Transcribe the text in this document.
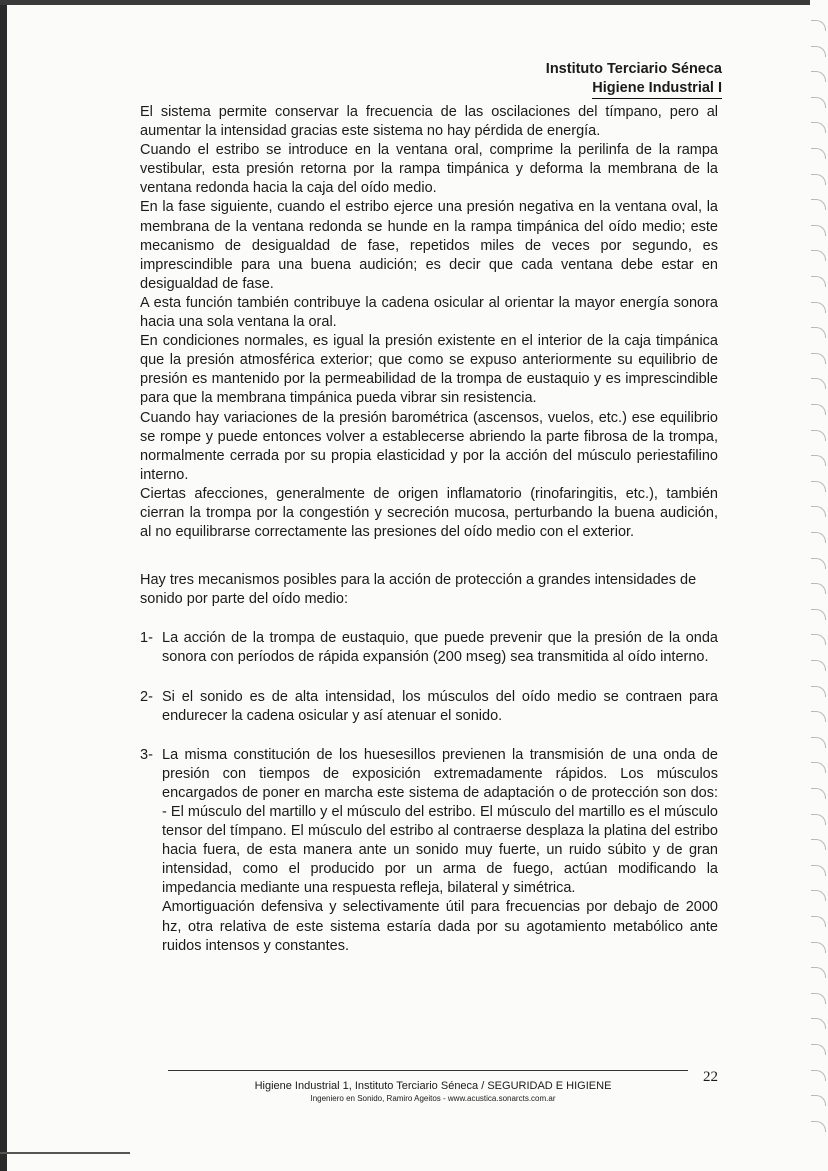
Instituto Terciario Séneca
Higiene Industrial I

El sistema permite conservar la frecuencia de las oscilaciones del tímpano, pero al aumentar la intensidad gracias este sistema no hay pérdida de energía.

Cuando el estribo se introduce en la ventana oral, comprime la perilinfa de la rampa vestibular, esta presión retorna por la rampa timpánica y deforma la membrana de la ventana redonda hacia la caja del oído medio.

En la fase siguiente, cuando el estribo ejerce una presión negativa en la ventana oval, la membrana de la ventana redonda se hunde en la rampa timpánica del oído medio; este mecanismo de desigualdad de fase, repetidos miles de veces por segundo, es imprescindible para una buena audición; es decir que cada ventana debe estar en desigualdad de fase.

A esta función también contribuye la cadena osicular al orientar la mayor energía sonora hacia una sola ventana la oral.

En condiciones normales, es igual la presión existente en el interior de la caja timpánica que la presión atmosférica exterior; que como se expuso anteriormente su equilibrio de presión es mantenido por la permeabilidad de la trompa de eustaquio y es imprescindible para que la membrana timpánica pueda vibrar sin resistencia.

Cuando hay variaciones de la presión barométrica (ascensos, vuelos, etc.) ese equilibrio se rompe y puede entonces volver a establecerse abriendo la parte fibrosa de la trompa, normalmente cerrada por su propia elasticidad y por la acción del músculo periestafilino interno.

Ciertas afecciones, generalmente de origen inflamatorio (rinofaringitis, etc.), también cierran la trompa por la congestión y secreción mucosa, perturbando la buena audición, al no equilibrarse correctamente las presiones del oído medio con el exterior.

Hay tres mecanismos posibles para la acción de protección a grandes intensidades de sonido por parte del oído medio:

1- La acción de la trompa de eustaquio, que puede prevenir que la presión de la onda sonora con períodos de rápida expansión (200 mseg) sea transmitida al oído interno.

2- Si el sonido es de alta intensidad, los músculos del oído medio se contraen para endurecer la cadena osicular y así atenuar el sonido.

3- La misma constitución de los huesesillos previenen la transmisión de una onda de presión con tiempos de exposición extremadamente rápidos. Los músculos encargados de poner en marcha este sistema de adaptación o de protección son dos: - El músculo del martillo y el músculo del estribo. El músculo del martillo es el músculo tensor del tímpano. El músculo del estribo al contraerse desplaza la platina del estribo hacia fuera, de esta manera ante un sonido muy fuerte, un ruido súbito y de gran intensidad, como el producido por un arma de fuego, actúan modificando la impedancia mediante una respuesta refleja, bilateral y simétrica.

Amortiguación defensiva y selectivamente útil para frecuencias por debajo de 2000 hz, otra relativa de este sistema estaría dada por su agotamiento metabólico ante ruidos intensos y constantes.

22
Higiene Industrial 1, Instituto Terciario Séneca / SEGURIDAD E HIGIENE
Ingeniero en Sonido, Ramiro Ageitos - www.acustica.sonarcts.com.ar
